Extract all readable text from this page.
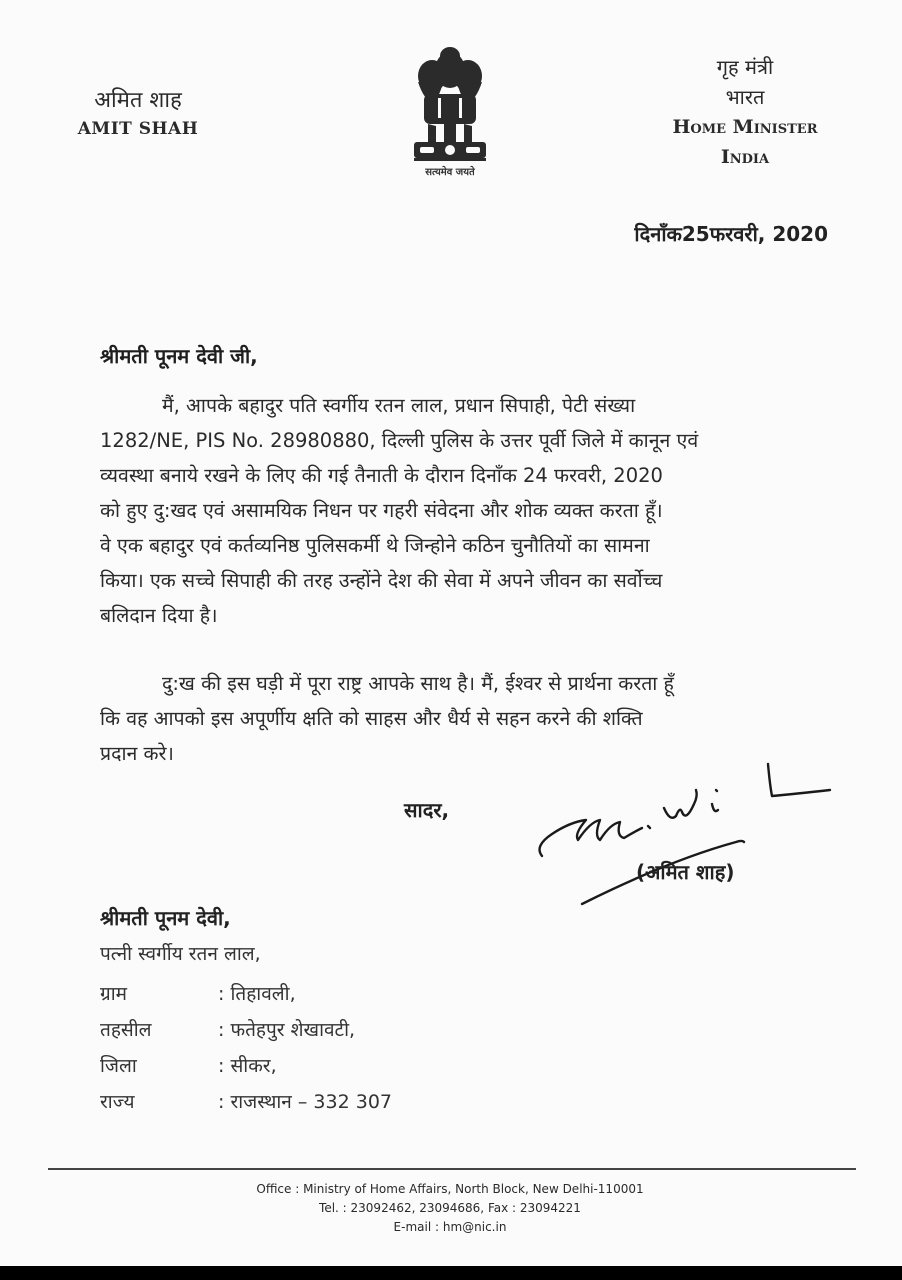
अमित शाह
AMIT SHAH
सत्यमेव जयते
गृह मंत्री
भारत
Home Minister
India
दिनाँक25फरवरी, 2020
श्रीमती पूनम देवी जी,
मैं, आपके बहादुर पति स्वर्गीय रतन लाल, प्रधान सिपाही, पेटी संख्या
1282/NE, PIS No. 28980880, दिल्ली पुलिस के उत्तर पूर्वी जिले में कानून एवं
व्यवस्था बनाये रखने के लिए की गई तैनाती के दौरान दिनाँक 24 फरवरी, 2020
को हुए दु:खद एवं असामयिक निधन पर गहरी संवेदना और शोक व्यक्त करता हूँ।
वे एक बहादुर एवं कर्तव्यनिष्ठ पुलिसकर्मी थे जिन्होने कठिन चुनौतियों का सामना
किया। एक सच्चे सिपाही की तरह उन्होंने देश की सेवा में अपने जीवन का सर्वोच्च
बलिदान दिया है।
दु:ख की इस घड़ी में पूरा राष्ट्र आपके साथ है। मैं, ईश्वर से प्रार्थना करता हूँ
कि वह आपको इस अपूर्णीय क्षति को साहस और धैर्य से सहन करने की शक्ति
प्रदान करे।
सादर,
(अमित शाह)
श्रीमती पूनम देवी,
पत्नी स्वर्गीय रतन लाल,
ग्राम	: तिहावली,
तहसील	: फतेहपुर शेखावटी,
जिला	: सीकर,
राज्य	: राजस्थान – 332 307
Office : Ministry of Home Affairs, North Block, New Delhi-110001
Tel. : 23092462, 23094686, Fax : 23094221
E-mail : hm@nic.in
